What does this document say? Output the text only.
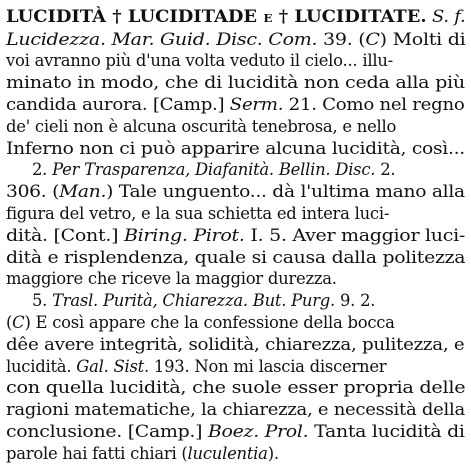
LUCIDITÀ † LUCIDITADE e † LUCIDITATE. S. f.
Lucidezza. Mar. Guid. Disc. Com. 39. (C) Molti di
voi avranno più d'una volta veduto il cielo... illu-
minato in modo, che di lucidità non ceda alla più
candida aurora. [Camp.] Serm. 21. Como nel regno
de' cieli non è alcuna oscurità tenebrosa, e nello
Inferno non ci può apparire alcuna lucidità, così...
2. Per Trasparenza, Diafanità. Bellin. Disc. 2.
306. (Man.) Tale unguento... dà l'ultima mano alla
figura del vetro, e la sua schietta ed intera luci-
dità. [Cont.] Biring. Pirot. I. 5. Aver maggior luci-
dità e risplendenza, quale si causa dalla politezza
maggiore che riceve la maggior durezza.
5. Trasl. Purità, Chiarezza. But. Purg. 9. 2.
(C) E così appare che la confessione della bocca
dêe avere integrità, solidità, chiarezza, pulitezza, e
lucidità. Gal. Sist. 193. Non mi lascia discerner
con quella lucidità, che suole esser propria delle
ragioni matematiche, la chiarezza, e necessità della
conclusione. [Camp.] Boez. Prol. Tanta lucidità di
parole hai fatti chiari (luculentia).
